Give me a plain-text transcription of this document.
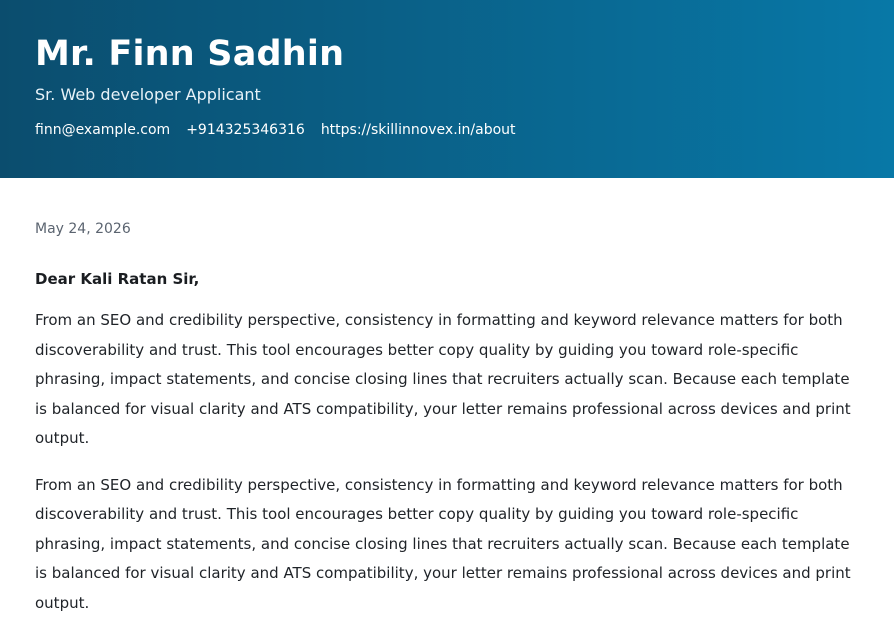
Mr. Finn Sadhin
Sr. Web developer Applicant
finn@example.com +914325346316 https://skillinnovex.in/about
May 24, 2026
Dear Kali Ratan Sir,

From an SEO and credibility perspective, consistency in formatting and keyword relevance matters for both discoverability and trust. This tool encourages better copy quality by guiding you toward role-specific phrasing, impact statements, and concise closing lines that recruiters actually scan. Because each template is balanced for visual clarity and ATS compatibility, your letter remains professional across devices and print output.

From an SEO and credibility perspective, consistency in formatting and keyword relevance matters for both discoverability and trust. This tool encourages better copy quality by guiding you toward role-specific phrasing, impact statements, and concise closing lines that recruiters actually scan. Because each template is balanced for visual clarity and ATS compatibility, your letter remains professional across devices and print output.
